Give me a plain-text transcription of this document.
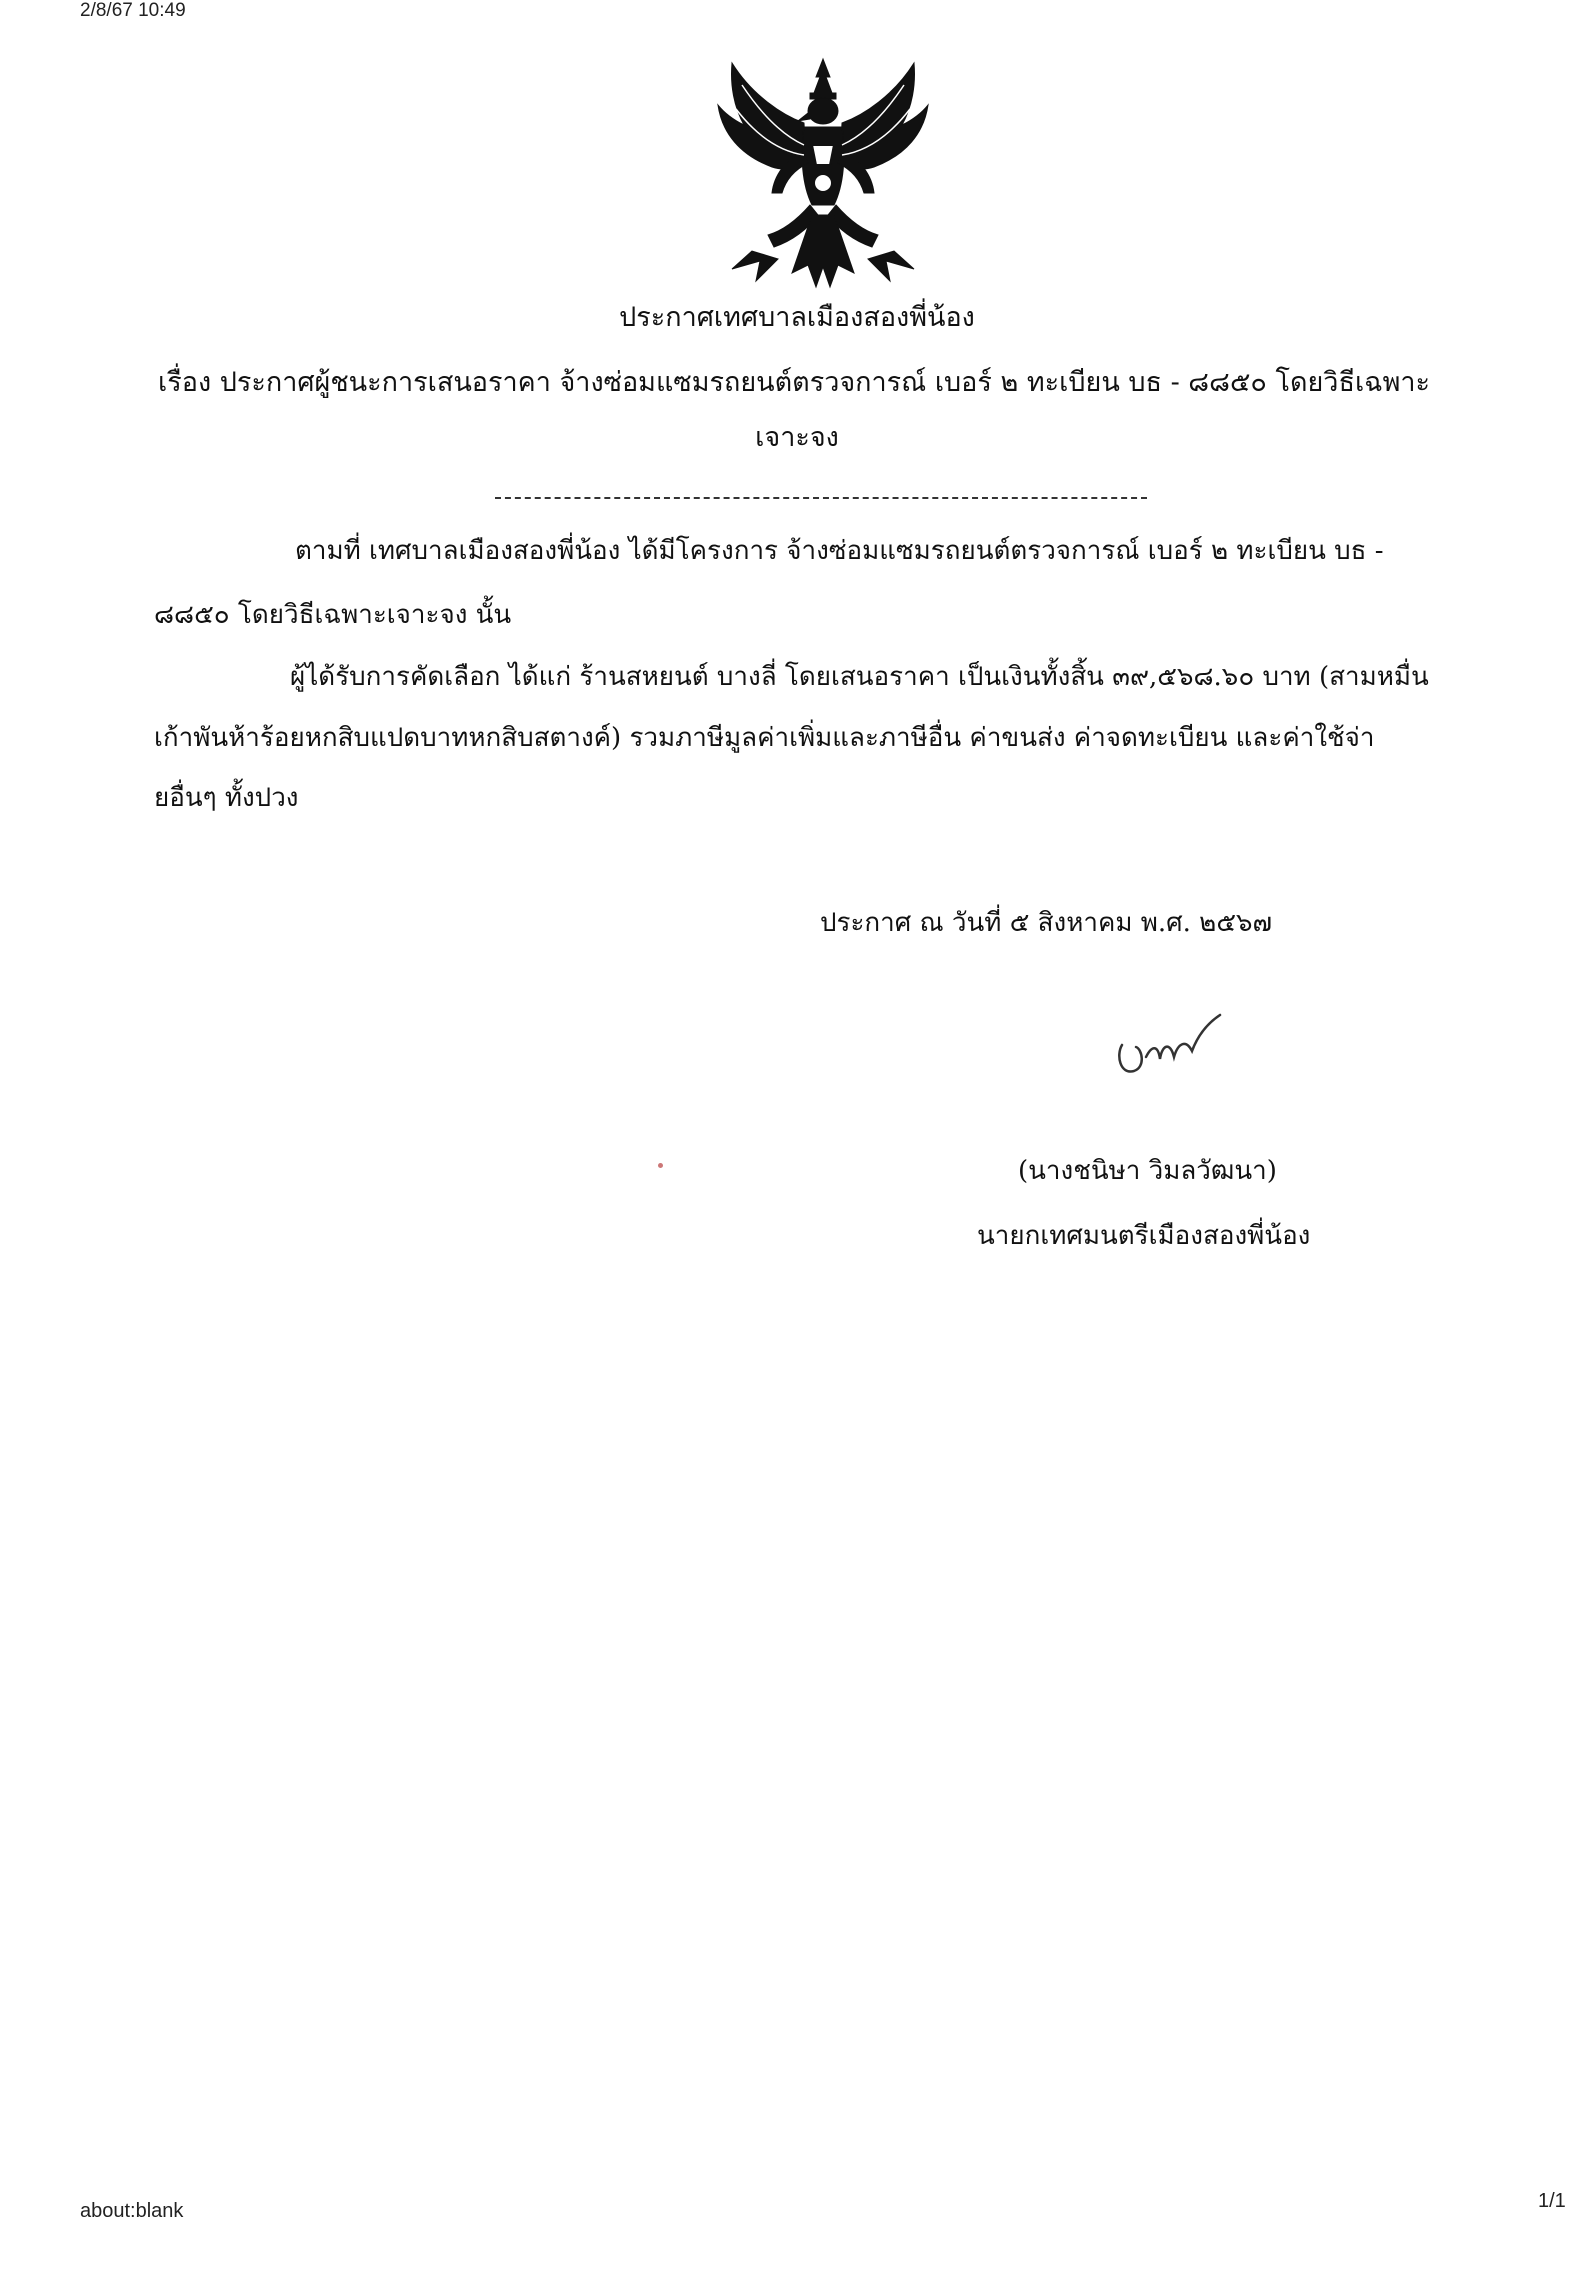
2/8/67 10:49
ประกาศเทศบาลเมืองสองพี่น้อง
เรื่อง ประกาศผู้ชนะการเสนอราคา จ้างซ่อมแซมรถยนต์ตรวจการณ์ เบอร์ ๒ ทะเบียน บธ - ๘๘๕๐ โดยวิธีเฉพาะ
เจาะจง
ตามที่ เทศบาลเมืองสองพี่น้อง ได้มีโครงการ จ้างซ่อมแซมรถยนต์ตรวจการณ์ เบอร์ ๒ ทะเบียน บธ -
๘๘๕๐ โดยวิธีเฉพาะเจาะจง นั้น
ผู้ได้รับการคัดเลือก ได้แก่ ร้านสหยนต์ บางลี่ โดยเสนอราคา เป็นเงินทั้งสิ้น ๓๙,๕๖๘.๖๐ บาท (สามหมื่น
เก้าพันห้าร้อยหกสิบแปดบาทหกสิบสตางค์) รวมภาษีมูลค่าเพิ่มและภาษีอื่น ค่าขนส่ง ค่าจดทะเบียน และค่าใช้จ่า
ยอื่นๆ ทั้งปวง
ประกาศ ณ วันที่ ๕ สิงหาคม พ.ศ. ๒๕๖๗
(นางชนิษา วิมลวัฒนา)
นายกเทศมนตรีเมืองสองพี่น้อง
about:blank	1/1
